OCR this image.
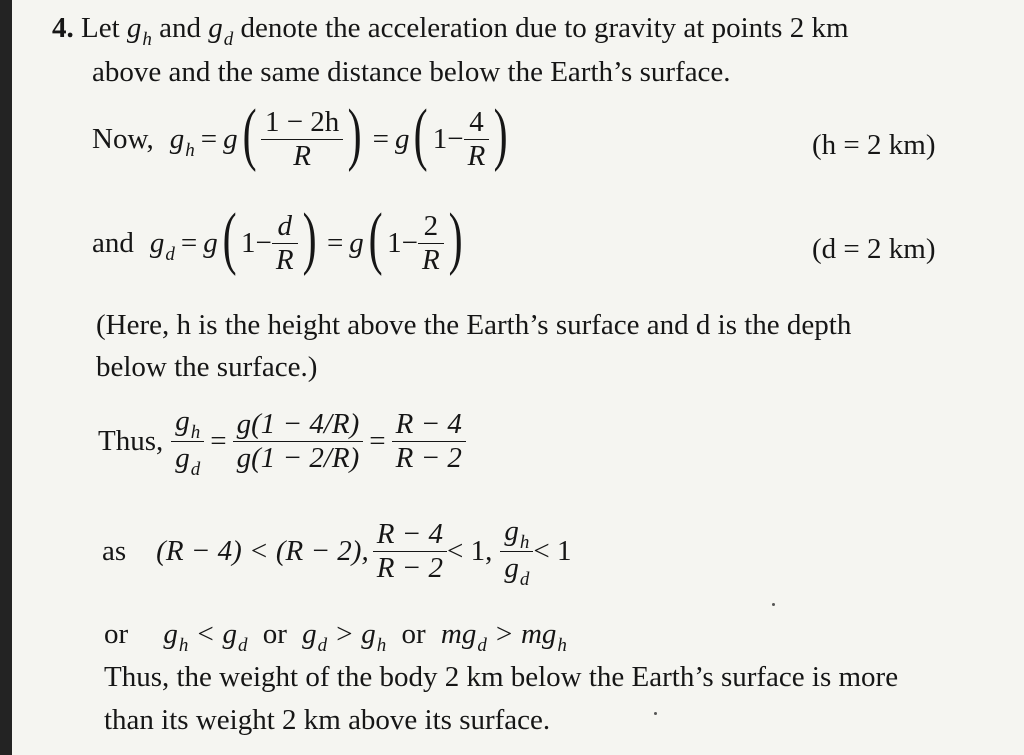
4. Let $g_h$ and $g_d$ denote the acceleration due to gravity at points 2 km
above and the same distance below the Earth’s surface.
Now, $g_h = g$ ( $\frac{1 - 2h}{R}$ ) = g ( $1- \frac{4}{R}$ )	(h = 2 km)
and $g_d = g$ ( $1- \frac{d}{R}$ ) = g ( $1- \frac{2}{R}$ )	(d = 2 km)
(Here, h is the height above the Earth’s surface and d is the depth
below the surface.)
Thus, $\frac{g_h}{g_d} = \frac{g(1 - 4/R)}{g(1 - 2/R)} = \frac{R - 4}{R - 2}$
as (R − 4) < (R − 2), $\frac{R - 4}{R - 2} < 1$, $\frac{g_h}{g_d} < 1$
or $g_h < g_d$ or $g_d > g_h$ or $mg_d > mg_h$
Thus, the weight of the body 2 km below the Earth’s surface is more
than its weight 2 km above its surface.
